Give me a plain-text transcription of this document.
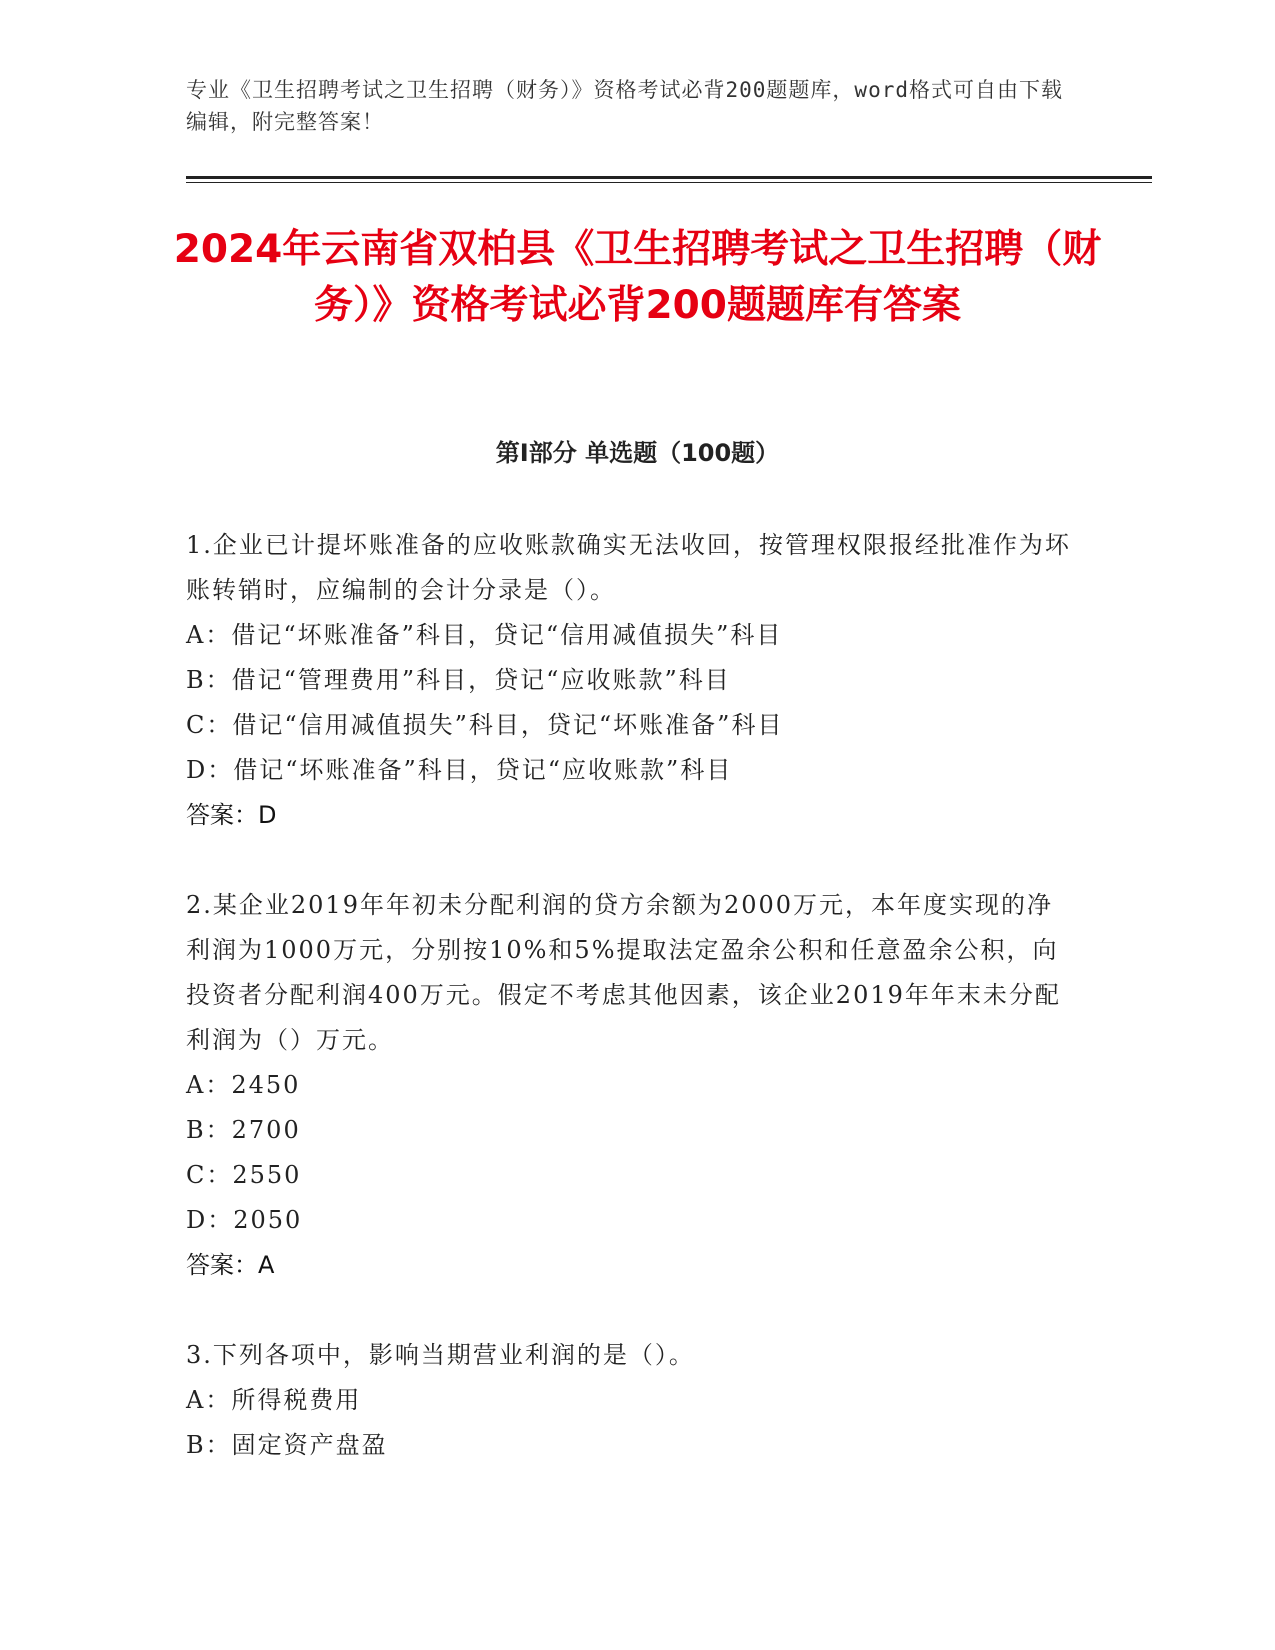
专业《卫生招聘考试之卫生招聘（财务）》资格考试必背200题题库，word格式可自由下载编辑，附完整答案！
2024年云南省双柏县《卫生招聘考试之卫生招聘（财务）》资格考试必背200题题库有答案
第I部分 单选题（100题）

1.企业已计提坏账准备的应收账款确实无法收回，按管理权限报经批准作为坏账转销时，应编制的会计分录是（）。

A：借记“坏账准备”科目，贷记“信用减值损失”科目

B：借记“管理费用”科目，贷记“应收账款”科目

C：借记“信用减值损失”科目，贷记“坏账准备”科目

D：借记“坏账准备”科目，贷记“应收账款”科目

答案：D

2.某企业2019年年初未分配利润的贷方余额为2000万元，本年度实现的净利润为1000万元，分别按10%和5%提取法定盈余公积和任意盈余公积，向投资者分配利润400万元。假定不考虑其他因素，该企业2019年年末未分配利润为（）万元。

A：2450

B：2700

C：2550

D：2050

答案：A

3.下列各项中，影响当期营业利润的是（）。

A：所得税费用

B：固定资产盘盈
